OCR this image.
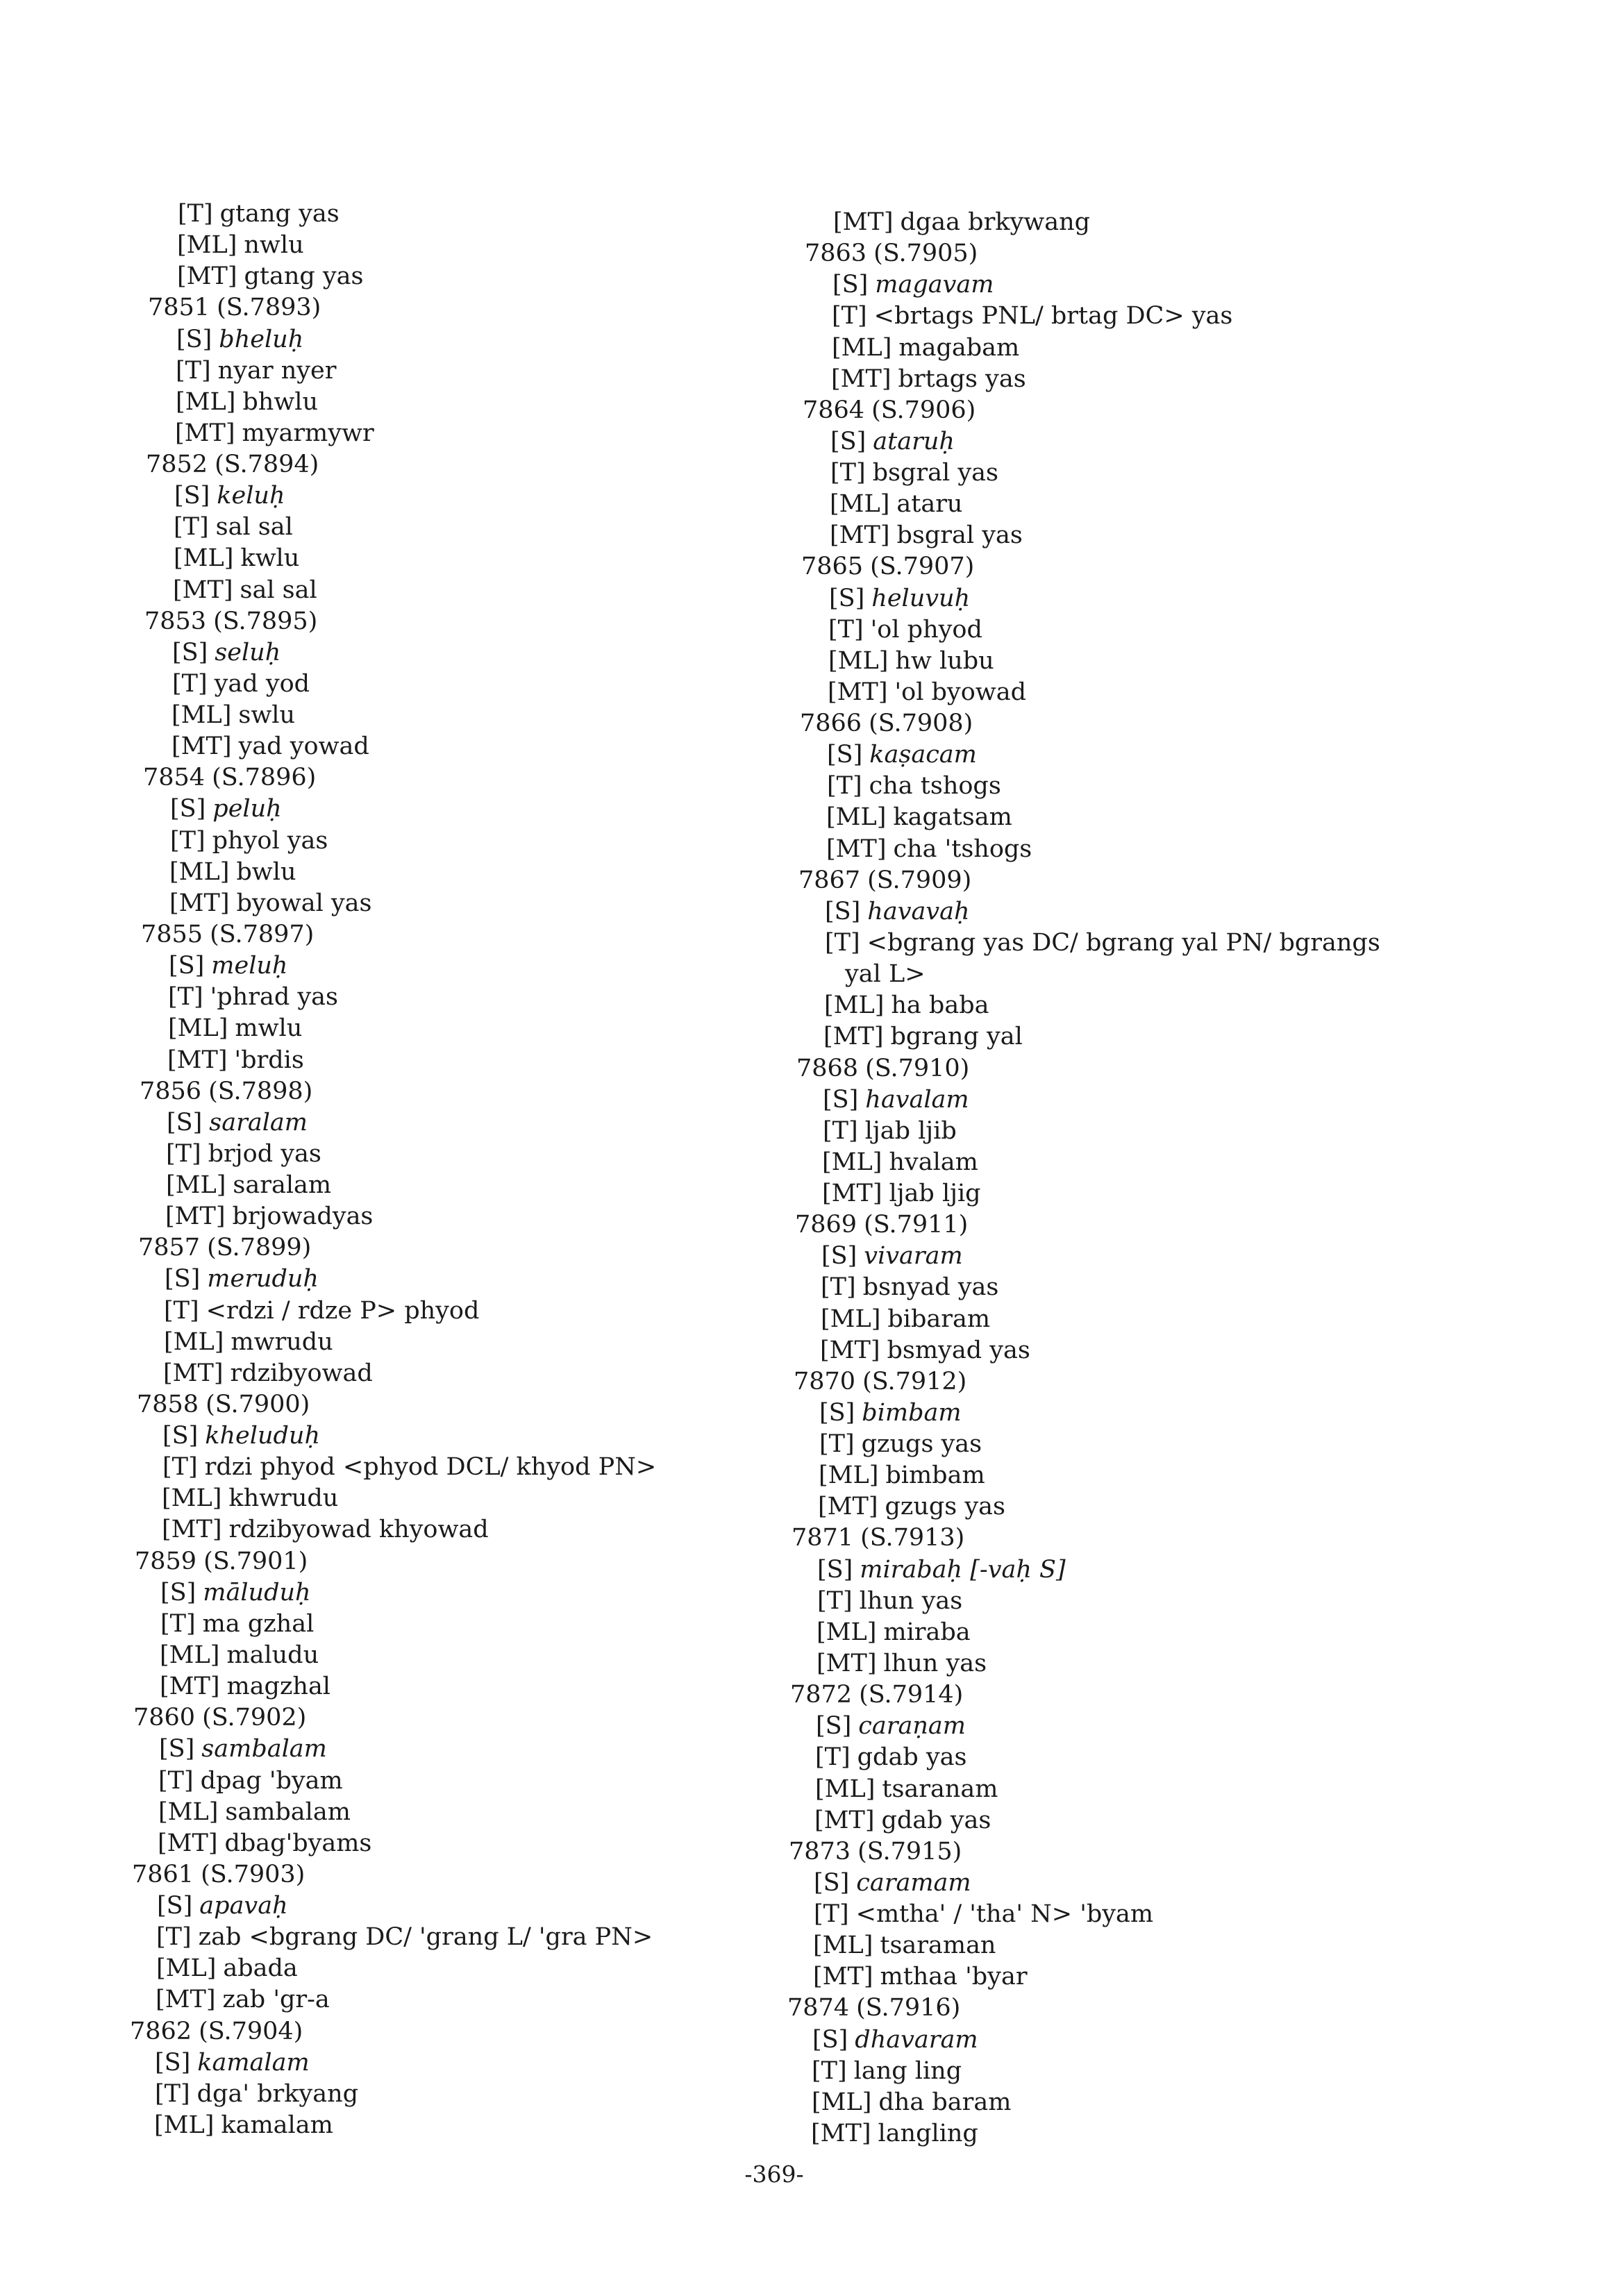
[T] gtang yas
[ML] nwlu
[MT] gtang yas
7851 (S.7893)
[S] bheluḥ
[T] nyar nyer
[ML] bhwlu
[MT] myarmywr
7852 (S.7894)
[S] keluḥ
[T] sal sal
[ML] kwlu
[MT] sal sal
7853 (S.7895)
[S] seluḥ
[T] yad yod
[ML] swlu
[MT] yad yowad
7854 (S.7896)
[S] peluḥ
[T] phyol yas
[ML] bwlu
[MT] byowal yas
7855 (S.7897)
[S] meluḥ
[T] 'phrad yas
[ML] mwlu
[MT] 'brdis
7856 (S.7898)
[S] saralam
[T] brjod yas
[ML] saralam
[MT] brjowadyas
7857 (S.7899)
[S] meruduḥ
[T] <rdzi / rdze P> phyod
[ML] mwrudu
[MT] rdzibyowad
7858 (S.7900)
[S] kheluduḥ
[T] rdzi phyod <phyod DCL/ khyod PN>
[ML] khwrudu
[MT] rdzibyowad khyowad
7859 (S.7901)
[S] māluduḥ
[T] ma gzhal
[ML] maludu
[MT] magzhal
7860 (S.7902)
[S] sambalam
[T] dpag 'byam
[ML] sambalam
[MT] dbag'byams
7861 (S.7903)
[S] apavaḥ
[T] zab <bgrang DC/ 'grang L/ 'gra PN>
[ML] abada
[MT] zab 'gr-a
7862 (S.7904)
[S] kamalam
[T] dga' brkyang
[ML] kamalam
[MT] dgaa brkywang
7863 (S.7905)
[S] magavam
[T] <brtags PNL/ brtag DC> yas
[ML] magabam
[MT] brtags yas
7864 (S.7906)
[S] ataruḥ
[T] bsgral yas
[ML] ataru
[MT] bsgral yas
7865 (S.7907)
[S] heluvuḥ
[T] 'ol phyod
[ML] hw lubu
[MT] 'ol byowad
7866 (S.7908)
[S] kaṣacam
[T] cha tshogs
[ML] kagatsam
[MT] cha 'tshogs
7867 (S.7909)
[S] havavaḥ
[T] <bgrang yas DC/ bgrang yal PN/ bgrangs
yal L>
[ML] ha baba
[MT] bgrang yal
7868 (S.7910)
[S] havalam
[T] ljab ljib
[ML] hvalam
[MT] ljab ljig
7869 (S.7911)
[S] vivaram
[T] bsnyad yas
[ML] bibaram
[MT] bsmyad yas
7870 (S.7912)
[S] bimbam
[T] gzugs yas
[ML] bimbam
[MT] gzugs yas
7871 (S.7913)
[S] mirabaḥ [-vaḥ S]
[T] lhun yas
[ML] miraba
[MT] lhun yas
7872 (S.7914)
[S] caraṇam
[T] gdab yas
[ML] tsaranam
[MT] gdab yas
7873 (S.7915)
[S] caramam
[T] <mtha' / 'tha' N> 'byam
[ML] tsaraman
[MT] mthaa 'byar
7874 (S.7916)
[S] dhavaram
[T] lang ling
[ML] dha baram
[MT] langling
-369-
